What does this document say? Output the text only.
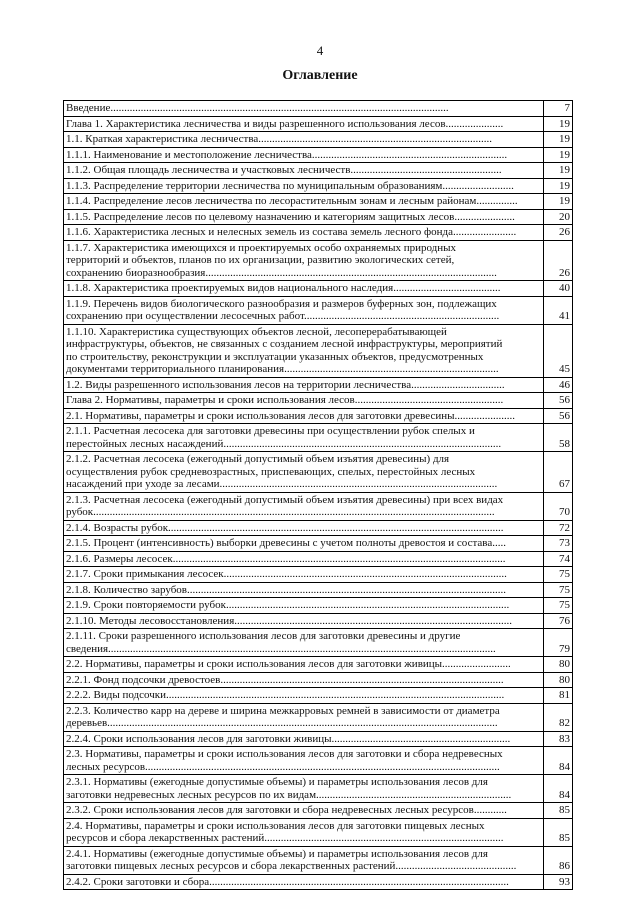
4
Оглавление
Введение...........................................................................................................................	7
Глава 1. Характеристика лесничества и виды разрешенного использования лесов.....................	19
1.1. Краткая характеристика лесничества.....................................................................................	19
1.1.1. Наименование и местоположение лесничества.......................................................................	19
1.1.2. Общая площадь лесничества и участковых лесничеств.......................................................	19
1.1.3. Распределение территории лесничества по муниципальным образованиям..........................	19
1.1.4. Распределение лесов лесничества по лесорастительным зонам и лесным районам...............	19
1.1.5. Распределение лесов по целевому назначению и категориям защитных лесов......................	20
1.1.6. Характеристика лесных и нелесных земель из состава земель лесного фонда.......................	26
1.1.7. Характеристика имеющихся и проектируемых особо охраняемых природных
территорий и объектов, планов по их организации, развитию экологических сетей,
сохранению биоразнообразия..........................................................................................................	26
1.1.8. Характеристика проектируемых видов национального наследия.......................................	40
1.1.9. Перечень видов биологического разнообразия и размеров буферных зон, подлежащих
сохранению при осуществлении лесосечных работ.......................................................................	41
1.1.10. Характеристика существующих объектов лесной, лесоперерабатывающей
инфраструктуры, объектов, не связанных с созданием лесной инфраструктуры, мероприятий
по строительству, реконструкции и эксплуатации указанных объектов, предусмотренных
документами территориального планирования..............................................................................	45
1.2. Виды разрешенного использования лесов на территории лесничества..................................	46
Глава 2. Нормативы, параметры и сроки использования лесов......................................................	56
2.1. Нормативы, параметры и сроки использования лесов для заготовки древесины......................	56
2.1.1. Расчетная лесосека для заготовки древесины при осуществлении рубок спелых и
перестойных лесных насаждений.....................................................................................................	58
2.1.2. Расчетная лесосека (ежегодный допустимый объем изъятия древесины) для
осуществления рубок средневозрастных, приспевающих, спелых, перестойных лесных
насаждений при уходе за лесами.....................................................................................................	67
2.1.3. Расчетная лесосека (ежегодный допустимый объем изъятия древесины) при всех видах
рубок..................................................................................................................................................	70
2.1.4. Возрасты рубок..........................................................................................................................	72
2.1.5. Процент (интенсивность) выборки древесины с учетом полноты древостоя и состава.....	73
2.1.6. Размеры лесосек.........................................................................................................................	74
2.1.7. Сроки примыкания лесосек.......................................................................................................	75
2.1.8. Количество зарубов....................................................................................................................	75
2.1.9. Сроки повторяемости рубок.......................................................................................................	75
2.1.10. Методы лесовосстановления.....................................................................................................	76
2.1.11. Сроки разрешенного использования лесов для заготовки древесины и другие
сведения.............................................................................................................................................	79
2.2. Нормативы, параметры и сроки использования лесов для заготовки живицы.........................	80
2.2.1. Фонд подсочки древостоев.......................................................................................................	80
2.2.2. Виды подсочки...........................................................................................................................	81
2.2.3. Количество карр на дереве и ширина межкарровых ремней в зависимости от диаметра
деревьев..............................................................................................................................................	82
2.2.4. Сроки использования лесов для заготовки живицы.................................................................	83
2.3. Нормативы, параметры и сроки использования лесов для заготовки и сбора недревесных
лесных ресурсов.................................................................................................................................	84
2.3.1. Нормативы (ежегодные допустимые объемы) и параметры использования лесов для
заготовки недревесных лесных ресурсов по их видам.......................................................................	84
2.3.2. Сроки использования лесов для заготовки и сбора недревесных лесных ресурсов............	85
2.4. Нормативы, параметры и сроки использования лесов для заготовки пищевых лесных
ресурсов и сбора лекарственных растений.......................................................................................	85
2.4.1. Нормативы (ежегодные допустимые объемы) и параметры использования лесов для
заготовки пищевых лесных ресурсов и сбора лекарственных растений............................................	86
2.4.2. Сроки заготовки и сбора.............................................................................................................	93
